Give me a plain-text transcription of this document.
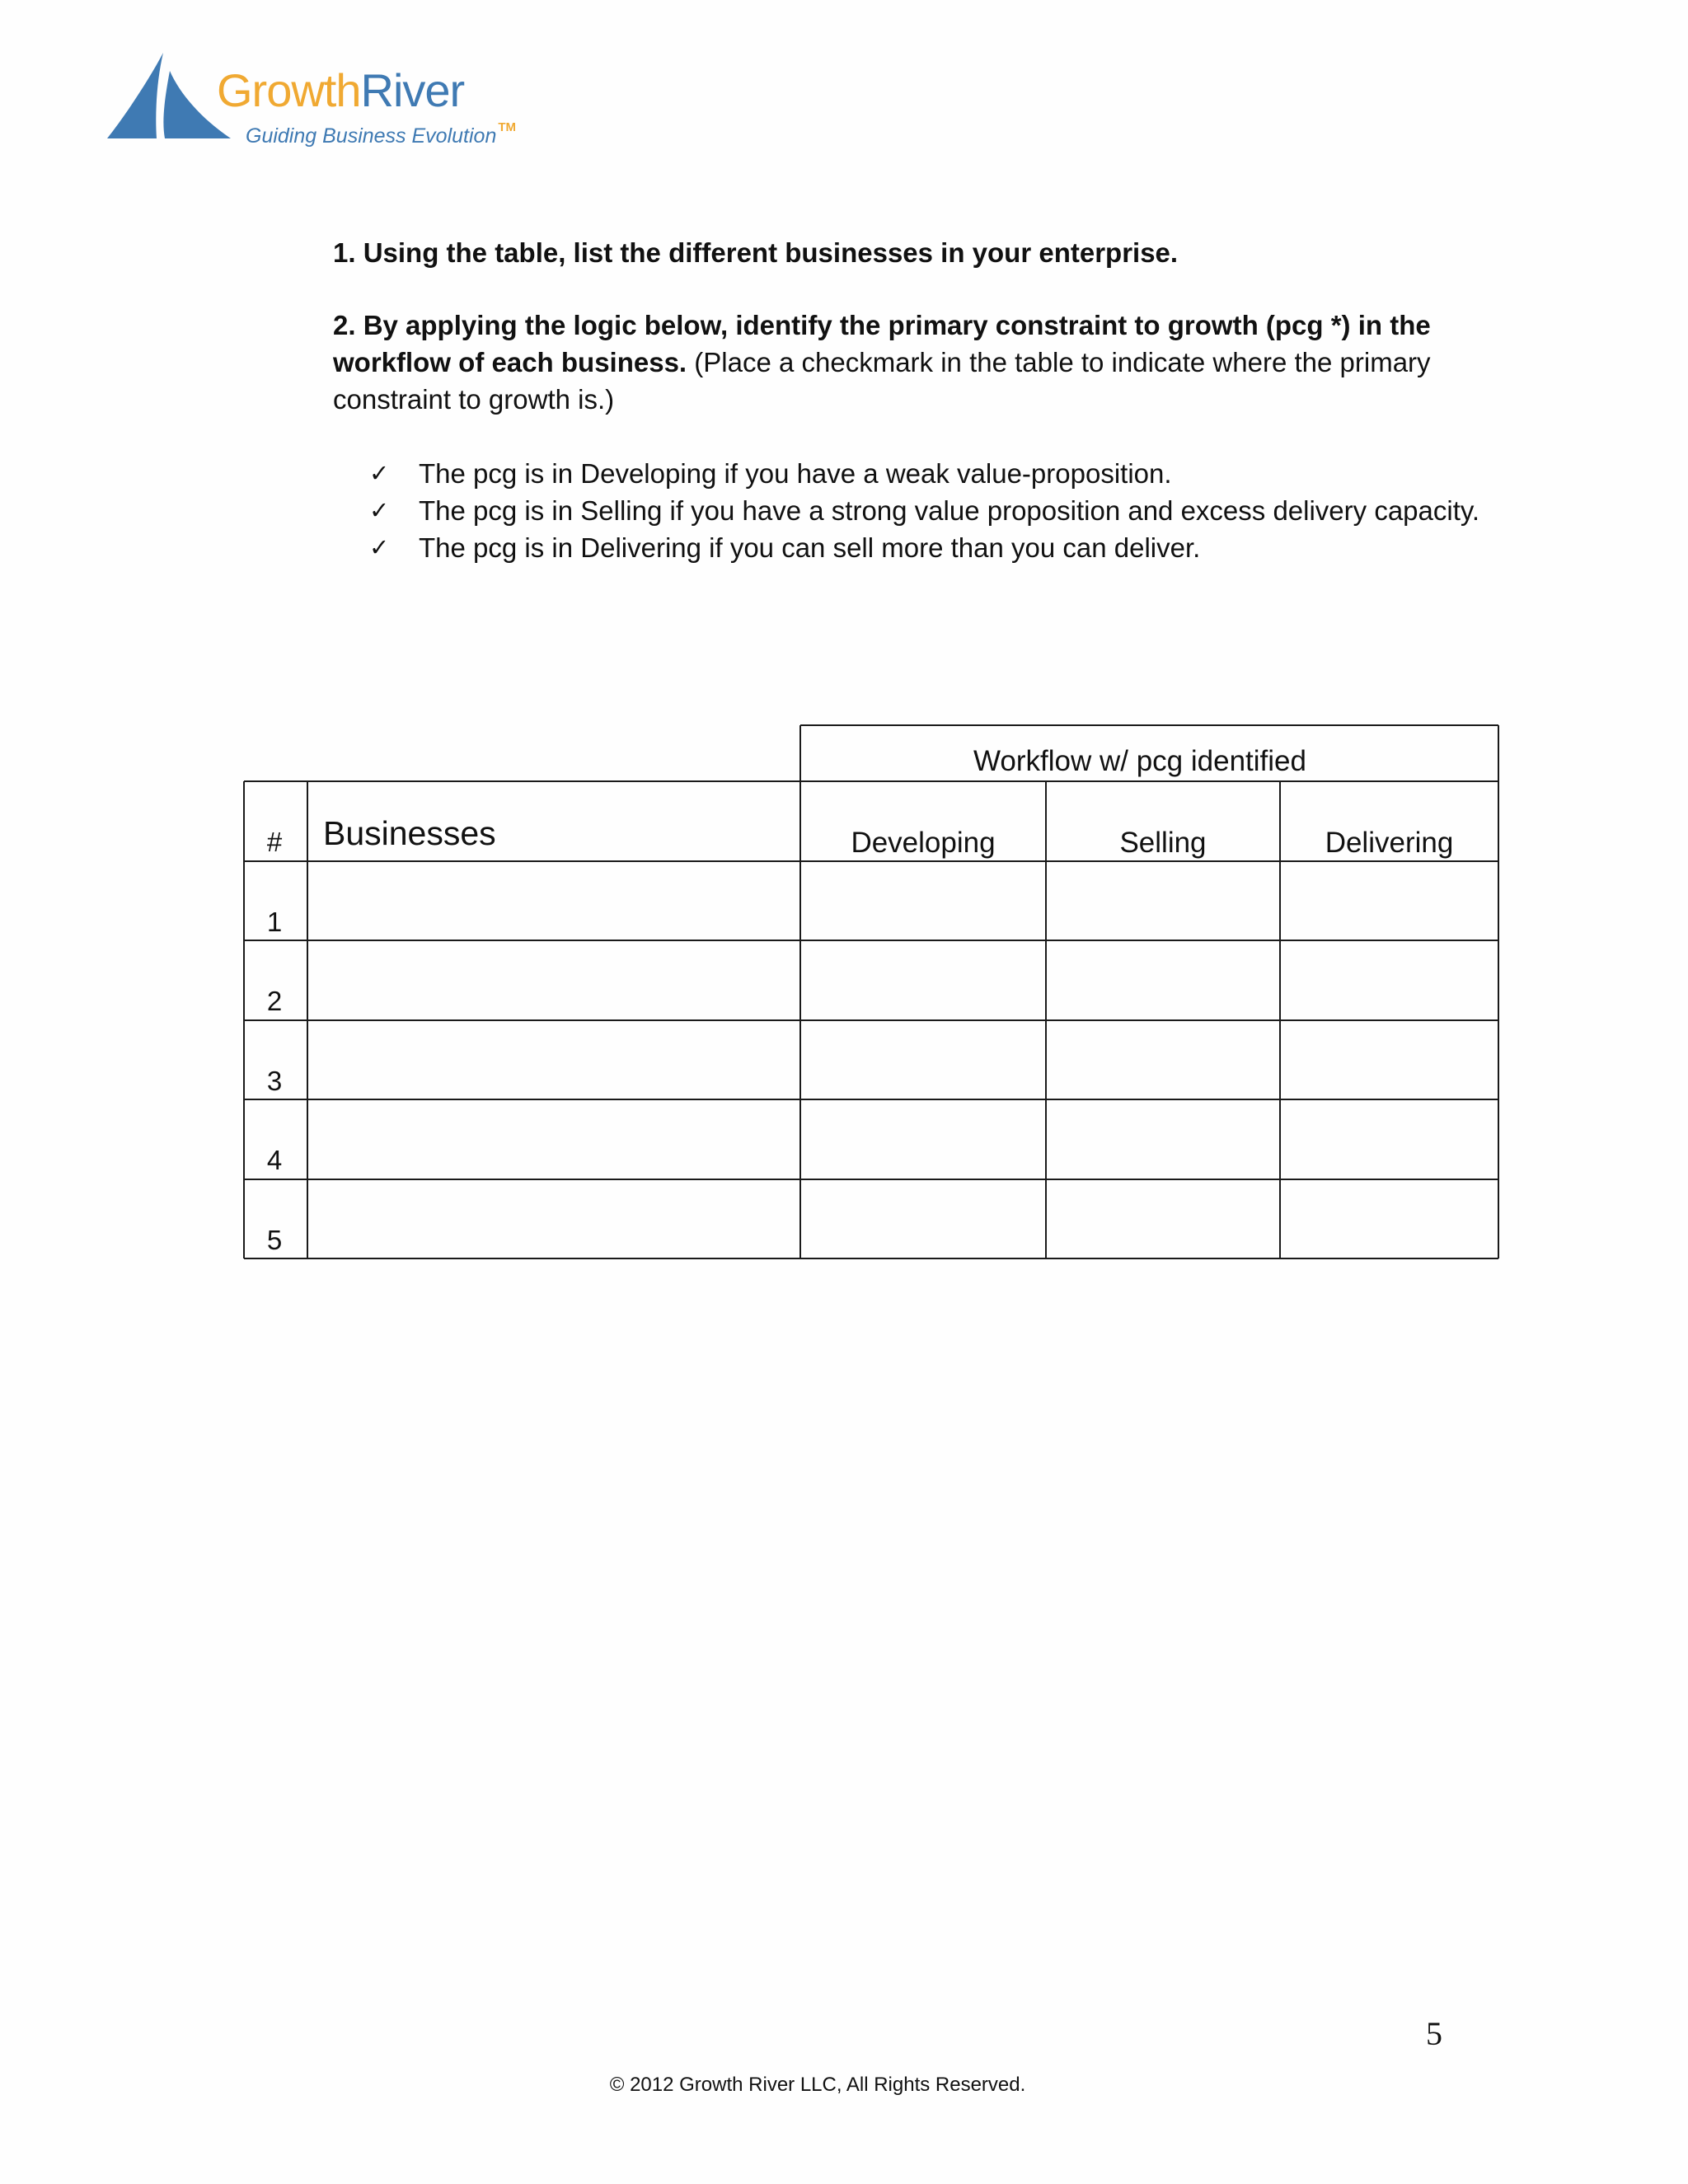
GrowthRiver
Guiding Business Evolution ™

1. Using the table, list the different businesses in your enterprise.

2. By applying the logic below, identify the primary constraint to growth (pcg *) in the workflow of each business. (Place a checkmark in the table to indicate where the primary constraint to growth is.)

✓ The pcg is in Developing if you have a weak value-proposition.
✓ The pcg is in Selling if you have a strong value proposition and excess delivery capacity.
✓ The pcg is in Delivering if you can sell more than you can deliver.
Workflow w/ pcg identified
#	Businesses	Developing	Selling	Delivering
1
2
3
4
5
5
© 2012 Growth River LLC, All Rights Reserved.
